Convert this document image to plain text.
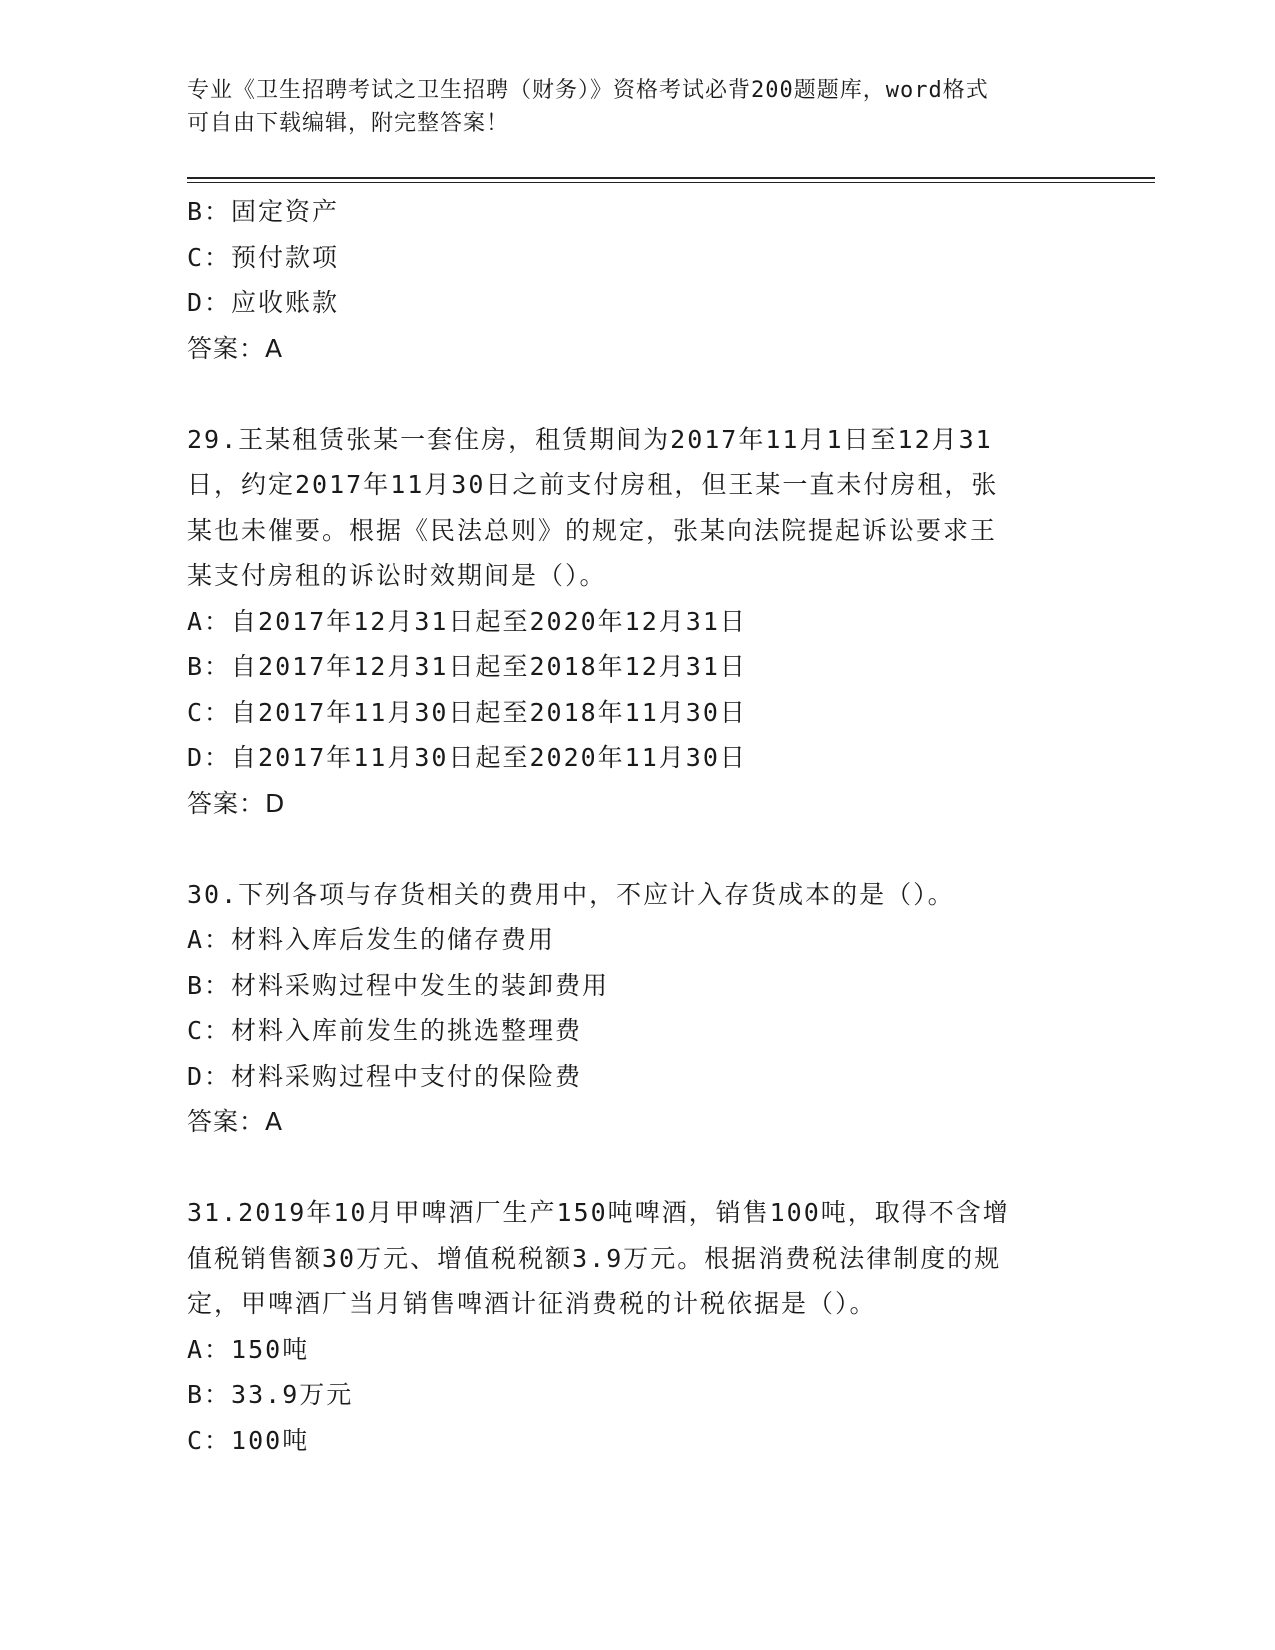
专业《卫生招聘考试之卫生招聘（财务）》资格考试必背200题题库，word格式
可自由下载编辑，附完整答案！
B：固定资产
C：预付款项
D：应收账款
答案：A
29.王某租赁张某一套住房，租赁期间为2017年11月1日至12月31
日，约定2017年11月30日之前支付房租，但王某一直未付房租，张
某也未催要。根据《民法总则》的规定，张某向法院提起诉讼要求王
某支付房租的诉讼时效期间是（）。
A：自2017年12月31日起至2020年12月31日
B：自2017年12月31日起至2018年12月31日
C：自2017年11月30日起至2018年11月30日
D：自2017年11月30日起至2020年11月30日
答案：D
30.下列各项与存货相关的费用中，不应计入存货成本的是（）。
A：材料入库后发生的储存费用
B：材料采购过程中发生的装卸费用
C：材料入库前发生的挑选整理费
D：材料采购过程中支付的保险费
答案：A
31.2019年10月甲啤酒厂生产150吨啤酒，销售100吨，取得不含增
值税销售额30万元、增值税税额3.9万元。根据消费税法律制度的规
定，甲啤酒厂当月销售啤酒计征消费税的计税依据是（）。
A：150吨
B：33.9万元
C：100吨
